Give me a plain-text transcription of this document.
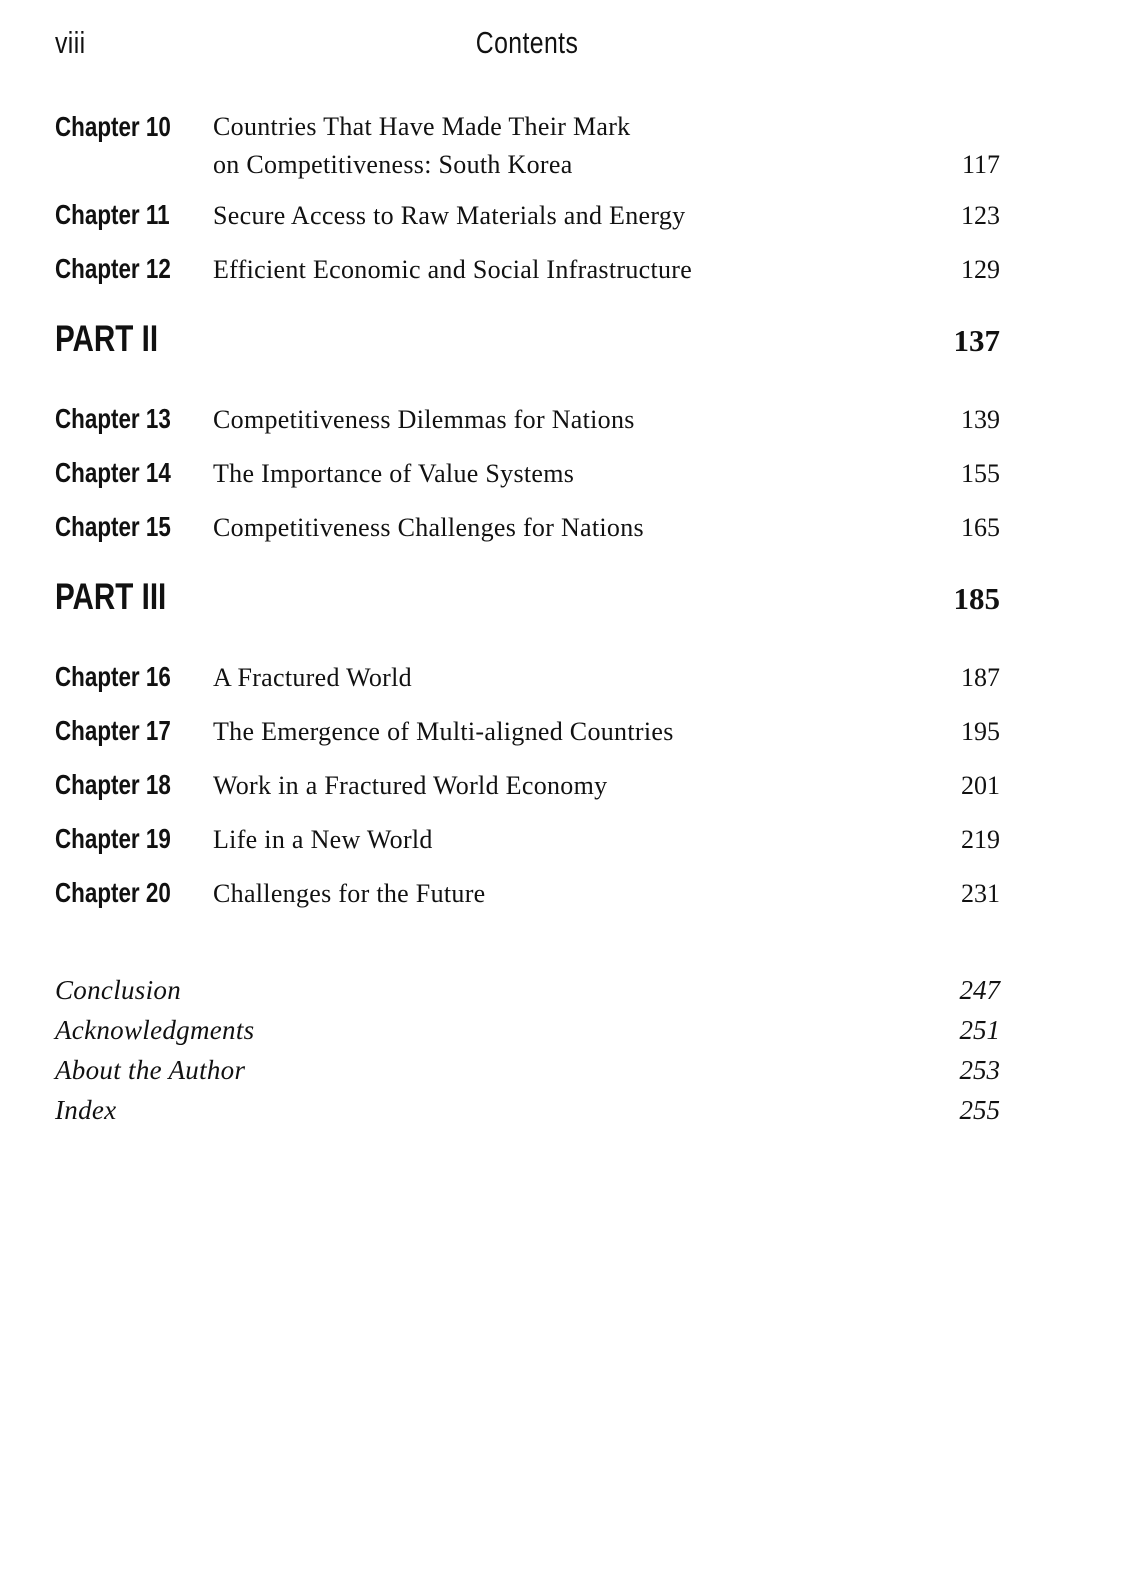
viii	Contents
Chapter 10	Countries That Have Made Their Mark
on Competitiveness: South Korea	117
Chapter 11	Secure Access to Raw Materials and Energy	123
Chapter 12	Efficient Economic and Social Infrastructure	129
PART II	137
Chapter 13	Competitiveness Dilemmas for Nations	139
Chapter 14	The Importance of Value Systems	155
Chapter 15	Competitiveness Challenges for Nations	165
PART III	185
Chapter 16	A Fractured World	187
Chapter 17	The Emergence of Multi-aligned Countries	195
Chapter 18	Work in a Fractured World Economy	201
Chapter 19	Life in a New World	219
Chapter 20	Challenges for the Future	231
Conclusion	247
Acknowledgments	251
About the Author	253
Index	255
